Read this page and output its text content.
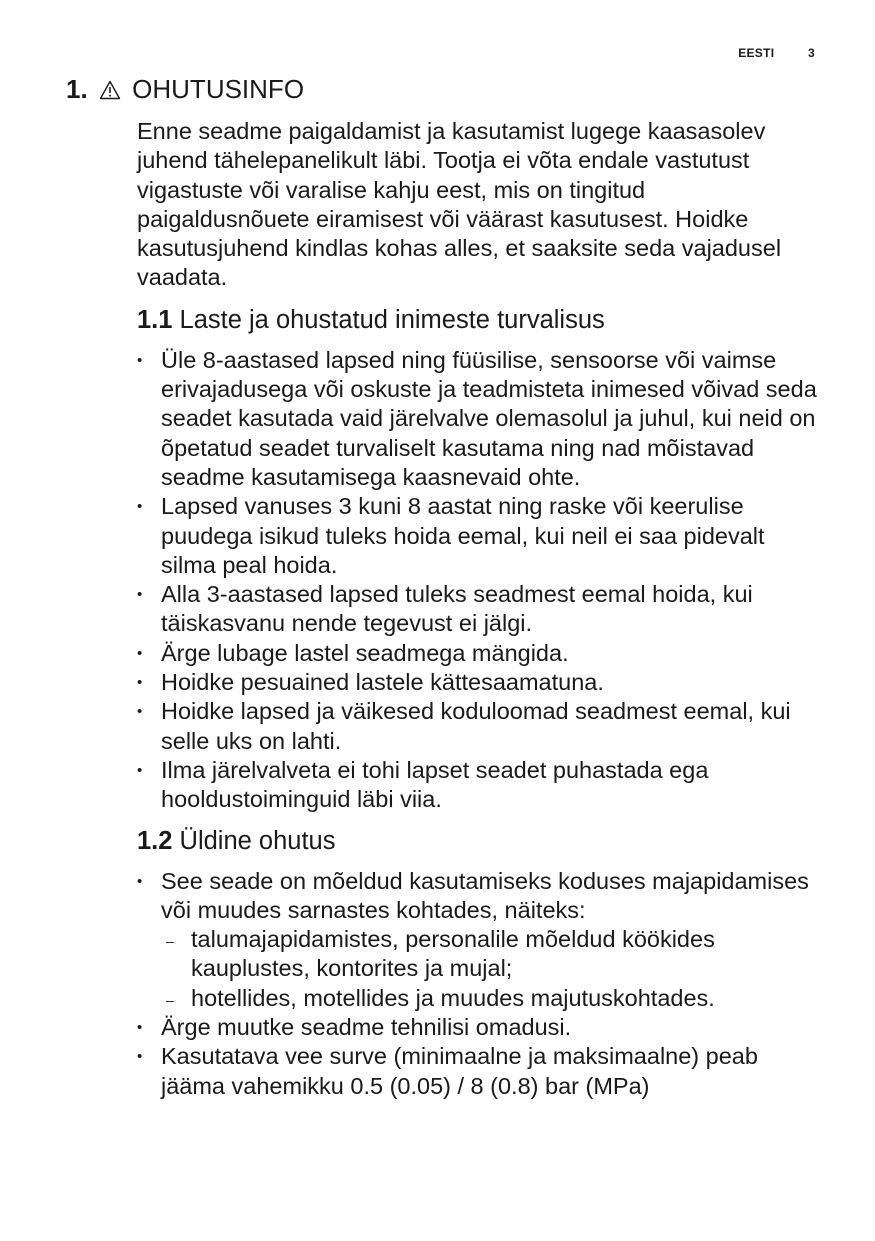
EESTI	3
1. OHUTUSINFO

Enne seadme paigaldamist ja kasutamist lugege kaasasolev juhend tähelepanelikult läbi. Tootja ei võta endale vastutust vigastuste või varalise kahju eest, mis on tingitud paigaldusnõuete eiramisest või väärast kasutusest. Hoidke kasutusjuhend kindlas kohas alles, et saaksite seda vajadusel vaadata.

1.1 Laste ja ohustatud inimeste turvalisus
• Üle 8-aastased lapsed ning füüsilise, sensoorse või vaimse erivajadusega või oskuste ja teadmisteta inimesed võivad seda seadet kasutada vaid järelvalve olemasolul ja juhul, kui neid on õpetatud seadet turvaliselt kasutama ning nad mõistavad seadme kasutamisega kaasnevaid ohte.
• Lapsed vanuses 3 kuni 8 aastat ning raske või keerulise puudega isikud tuleks hoida eemal, kui neil ei saa pidevalt silma peal hoida.
• Alla 3-aastased lapsed tuleks seadmest eemal hoida, kui täiskasvanu nende tegevust ei jälgi.
• Ärge lubage lastel seadmega mängida.
• Hoidke pesuained lastele kättesaamatuna.
• Hoidke lapsed ja väikesed koduloomad seadmest eemal, kui selle uks on lahti.
• Ilma järelvalveta ei tohi lapset seadet puhastada ega hooldustoiminguid läbi viia.
1.2 Üldine ohutus
• See seade on mõeldud kasutamiseks koduses majapidamises või muudes sarnastes kohtades, näiteks:
– talumajapidamistes, personalile mõeldud köökides kauplustes, kontorites ja mujal;
– hotellides, motellides ja muudes majutuskohtades.
• Ärge muutke seadme tehnilisi omadusi.
• Kasutatava vee surve (minimaalne ja maksimaalne) peab jääma vahemikku 0.5 (0.05) / 8 (0.8) bar (MPa)
